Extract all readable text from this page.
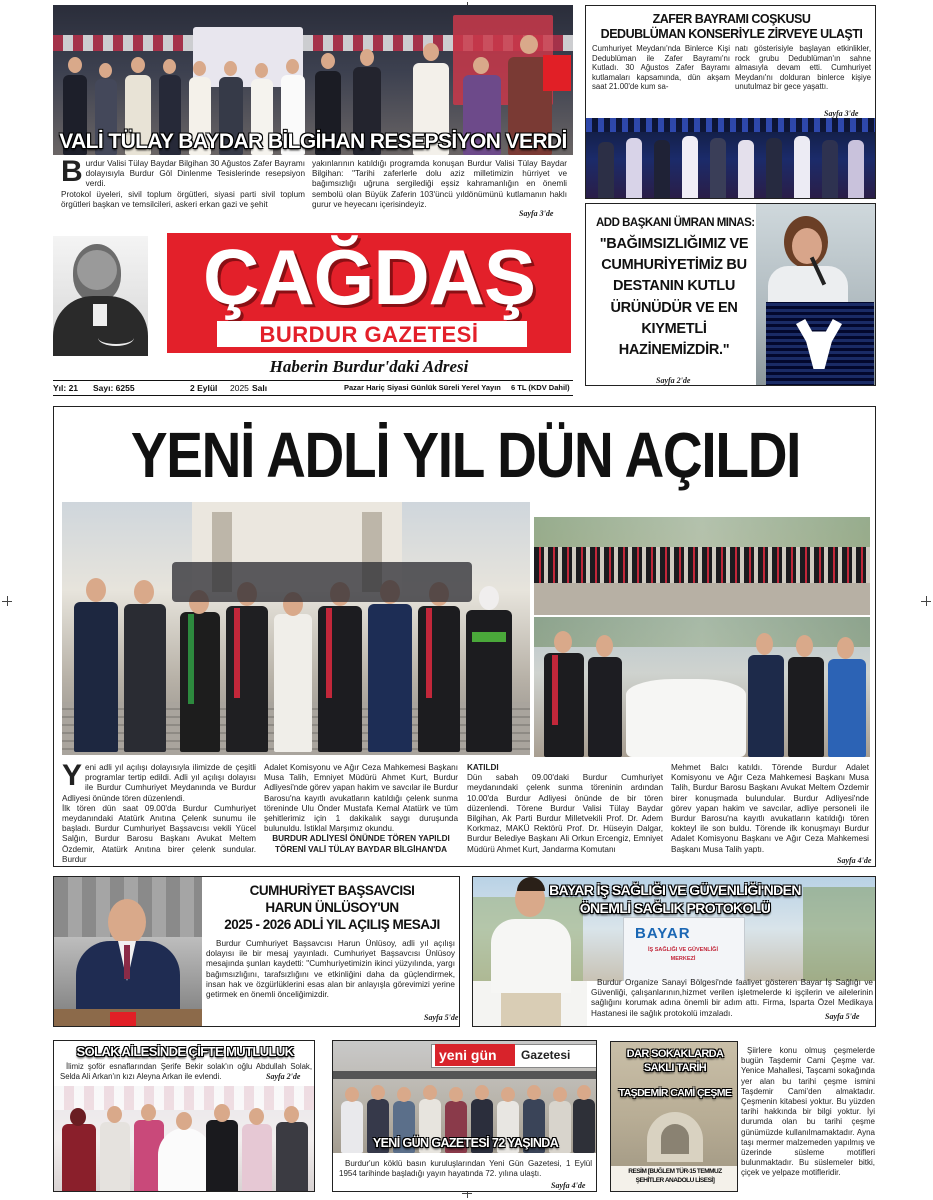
VALİ TÜLAY BAYDAR BİLGİHAN RESEPSİYON VERDİ
Burdur Valisi Tülay Baydar Bilgihan 30 Ağustos Zafer Bayramı dolayısıyla Burdur Göl Dinlenme Tesislerinde resepsiyon verdi.
Protokol üyeleri, sivil toplum örgütleri, siyasi parti sivil toplum örgütleri başkan ve temsilcileri, askeri erkan gazi ve şehit
yakınlarının katıldığı programda konuşan Burdur Valisi Tülay Baydar Bilgihan: "Tarihi zaferlerle dolu aziz milletimizin hürriyet ve bağımsızlığı uğruna sergilediği eşsiz kahramanlığın en önemli sembolü olan Büyük Zaferin 103'üncü yıldönümünü kutlamanın haklı gurur ve heyecanı içerisindeyiz.
Sayfa 3'de
ZAFER BAYRAMI COŞKUSU
DEDUBLÜMAN KONSERİYLE ZİRVEYE ULAŞTI
Cumhuriyet Meydanı'nda Binlerce Kişi Dedublüman ile Zafer Bayramı'nı Kutladı. 30 Ağustos Zafer Bayramı kutlamaları kapsamında, dün akşam saat 21.00'de kum sa-
natı gösterisiyle başlayan etkinlikler, rock grubu Dedublüman'ın sahne almasıyla devam etti. Cumhuriyet Meydanı'nı dolduran binlerce kişiye unutulmaz bir gece yaşattı.
Sayfa 3'de
ADD BAŞKANI ÜMRAN MINAS:
"BAĞIMSIZLIĞIMIZ VE CUMHURİYETİMİZ BU DESTANIN KUTLU ÜRÜNÜDÜR VE EN KIYMETLİ HAZİNEMİZDİR."
Sayfa 2'de
ÇAĞDAŞ
BURDUR GAZETESİ
Haberin Burdur'daki Adresi
Yıl: 21 Sayı: 6255	2 Eylül 2025 Salı	Pazar Hariç Siyasi Günlük Süreli Yerel Yayın 6 TL (KDV Dahil)
YENİ ADLİ YIL DÜN AÇILDI
Yeni adli yıl açılışı dolayısıyla ilimizde de çeşitli programlar tertip edildi. Adli yıl açılışı dolayısı ile Burdur Cumhuriyet Meydanında ve Burdur Adliyesi önünde tören düzenlendi.
İlk tören dün saat 09.00'da Burdur Cumhuriyet meydanındaki Atatürk Anıtına Çelenk sunumu ile başladı. Burdur Cumhuriyet Başsavcısı vekili Yücel Salğın, Burdur Barosu Başkanı Avukat Meltem Özdemir, Atatürk Anıtına birer çelenk sundular. Burdur
Adalet Komisyonu ve Ağır Ceza Mahkemesi Başkanı Musa Talih, Emniyet Müdürü Ahmet Kurt, Burdur Adliyesi'nde görev yapan hakim ve savcılar ile Burdur Barosu'na kayıtlı avukatların katıldığı çelenk sunma töreninde Ulu Önder Mustafa Kemal Atatürk ve tüm şehitlerimiz için 1 dakikalık saygı duruşunda bulunuldu. İstiklal Marşımız okundu.
BURDUR ADLİYESİ ÖNÜNDE TÖREN YAPILDI TÖRENİ VALİ TÜLAY BAYDAR BİLGİHAN'DA
KATILDI
Dün sabah 09.00'daki Burdur Cumhuriyet meydanındaki çelenk sunma töreninin ardından 10.00'da Burdur Adliyesi önünde de bir tören düzenlendi. Törene Burdur Valisi Tülay Baydar Bilgihan, Ak Parti Burdur Milletvekili Prof. Dr. Adem Korkmaz, MAKÜ Rektörü Prof. Dr. Hüseyin Dalgar, Burdur Belediye Başkanı Ali Orkun Ercengiz, Emniyet Müdürü Ahmet Kurt, Jandarma Komutanı
Mehmet Balcı katıldı. Törende Burdur Adalet Komisyonu ve Ağır Ceza Mahkemesi Başkanı Musa Talih, Burdur Barosu Başkanı Avukat Meltem Özdemir birer konuşmada bulundular. Burdur Adliyesi'nde görev yapan hakim ve savcılar, adliye personeli ile Burdur Barosu'na kayıtlı avukatların katıldığı tören kokteyl ile son buldu. Törende ilk konuşmayı Burdur Adalet Komisyonu Başkanı ve Ağır Ceza Mahkemesi Başkanı Musa Talih yaptı.
Sayfa 4'de
CUMHURİYET BAŞSAVCISI
HARUN ÜNLÜSOY'UN
2025 - 2026 ADLİ YIL AÇILIŞ MESAJI
Burdur Cumhuriyet Başsavcısı Harun Ünlüsoy, adli yıl açılışı dolayısı ile bir mesaj yayınladı. Cumhuriyet Başsavcısı Ünlüsoy mesajında şunları kaydetti: "Cumhuriyetimizin ikinci yüzyılında, yargı bağımsızlığını, tarafsızlığını ve etkinliğini daha da güçlendirmek, insan hak ve özgürlüklerini esas alan bir anlayışla görevimizi yerine getirmek en önemli önceliğimizdir.
Sayfa 5'de
BAYAR
İŞ SAĞLIĞI VE GÜVENLİĞİ
MERKEZİ
BAYAR İŞ SAĞLIĞI VE GÜVENLİĞİ'NDEN
ÖNEMLİ SAĞLIK PROTOKOLÜ
Burdur Organize Sanayi Bölgesi'nde faaliyet gösteren Bayar İş Sağlığı ve Güvenliği, çalışanlarının,hizmet verilen işletmelerde ki işçilerin ve ailelerinin sağlığını korumak adına önemli bir adım attı. Firma, Isparta Özel Medikaya Hastanesi ile sağlık protokolü imzaladı.	Sayfa 5'de
SOLAK AİLESİNDE ÇİFTE MUTLULUK
İlimiz şoför esnaflarından Şerife Bekir solak'ın oğlu Abdullah Solak, Selda Ali Arkan'ın kızı Aleyna Arkan ile evlendi.	Sayfa 2'de
yeni gün	Gazetesi
YENİ GÜN GAZETESİ 72 YAŞINDA
Burdur'un köklü basın kuruluşlarından Yeni Gün Gazetesi, 1 Eylül 1954 tarihinde başladığı yayın hayatında 72. yılına ulaştı.
Sayfa 4'de
DAR SOKAKLARDA
SAKLI TARİH
TAŞDEMİR CAMİ ÇEŞME
RESİM [BUĞLEM TÜR-15 TEMMUZ ŞEHİTLER ANADOLU LİSESİ]
Şiirlere konu olmuş çeşmelerde bugün Taşdemir Cami Çeşme var. Yenice Mahallesi, Taşcami sokağında yer alan bu tarihi çeşme ismini Taşdemir Cami'den almaktadır. Çeşmenin kitabesi yoktur. Bu yüzden tarihi hakkında bir bilgi yoktur. İyi durumda olan bu tarihi çeşme günümüzde kullanılmamaktadır. Ayna taşı mermer malzemeden yapılmış ve üzerinde süsleme motifleri bulunmaktadır. Bu süslemeler bitki, çiçek ve yelpaze motifleridir.
